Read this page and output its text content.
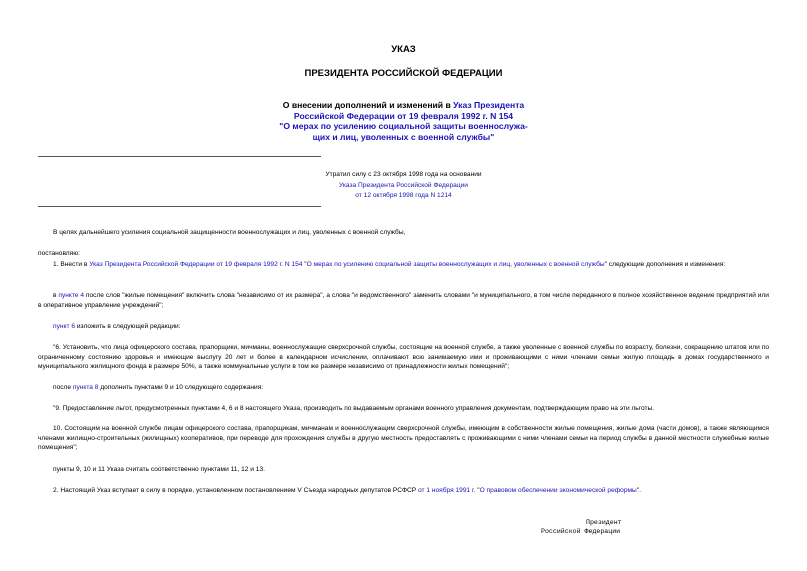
УКАЗ
ПРЕЗИДЕНТА РОССИЙСКОЙ ФЕДЕРАЦИИ
О внесении дополнений и изменений в Указ Президента
Российской Федерации от 19 февраля 1992 г. N 154
"О мерах по усилению социальной защиты военнослужа-
щих и лиц, уволенных с военной службы"
Утратил силу с 23 октября 1998 года на основании
Указа Президента Российской Федерации
от 12 октября 1998 года N 1214
В целях дальнейшего усиления социальной защищенности военнослужащих и лиц, уволенных с военной службы,
постановляю:
1. Внести в Указ Президента Российской Федерации от 19 февраля 1992 г. N 154 "О мерах по усилению социальной защиты военнослужащих и лиц, уволенных с военной службы" следующие дополнения и изменения:
в пункте 4 после слов "жилые помещения" включить слова "независимо от их размера", а слова "и ведомственного" заменить словами "и муниципального, в том числе переданного в полное хозяйственное ведение предприятий или в оперативное управление учреждений";
пункт 6 изложить в следующей редакции:
"6. Установить, что лица офицерского состава, прапорщики, мичманы, военнослужащие сверхсрочной службы, состоящие на военной службе, а также уволенные с военной службы по возрасту, болезни, сокращению штатов или по ограниченному состоянию здоровья и имеющие выслугу 20 лет и более в календарном исчислении, оплачивают всю занимаемую ими и проживающими с ними членами семьи жилую площадь в домах государственного и муниципального жилищного фонда в размере 50%, а также коммунальные услуги в том же размере независимо от принадлежности жилых помещений";
после пункта 8 дополнить пунктами 9 и 10 следующего содержания:
"9. Предоставление льгот, предусмотренных пунктами 4, 6 и 8 настоящего Указа, производить по выдаваемым органами военного управления документам, подтверждающим право на эти льготы.
10. Состоящим на военной службе лицам офицерского состава, прапорщикам, мичманам и военнослужащим сверхсрочной службы, имеющим в собственности жилые помещения, жилые дома (части домов), а также являющимся членами жилищно-строительных (жилищных) кооперативов, при переводе для прохождения службы в другую местность предоставлять с проживающими с ними членами семьи на период службы в данной местности служебные жилые помещения";
пункты 9, 10 и 11 Указа считать соответственно пунктами 11, 12 и 13.
2. Настоящий Указ вступает в силу в порядке, установленном постановлением V Съезда народных депутатов РСФСР от 1 ноября 1991 г. "О правовом обеспечении экономической реформы".
Президент
Российской Федерации
